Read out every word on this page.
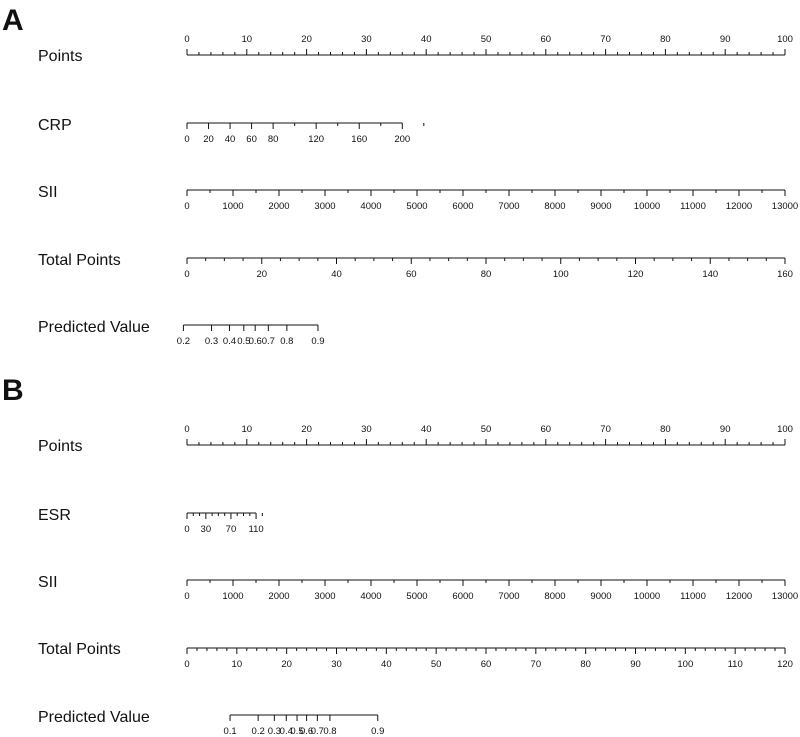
A
B
Points
CRP
SII
Total Points
Predicted Value
Points
ESR
SII
Total Points
Predicted Value
0	10	20	30	40	50	60	70	80	90	100
0 20 40 60 80	120	160	200
0	1000	2000	3000	4000	5000	6000	7000	8000	9000 10000 11000 12000 13000
0	20	40	60	80	100	120	140	160
0.2 0.3 0.4 0.5
0.6 0.7 0.8 0.9
0	10	20	30	40	50	60	70	80	90	100
0 30 70 110
0	1000	2000	3000	4000	5000	6000	7000	8000	9000 10000 11000 12000 13000
0	10	20	30	40	50	60	70	80	90	100	110	120
0.1 0.2 0.3
0.4
0.5
0.6
0.7 0.8	0.9
